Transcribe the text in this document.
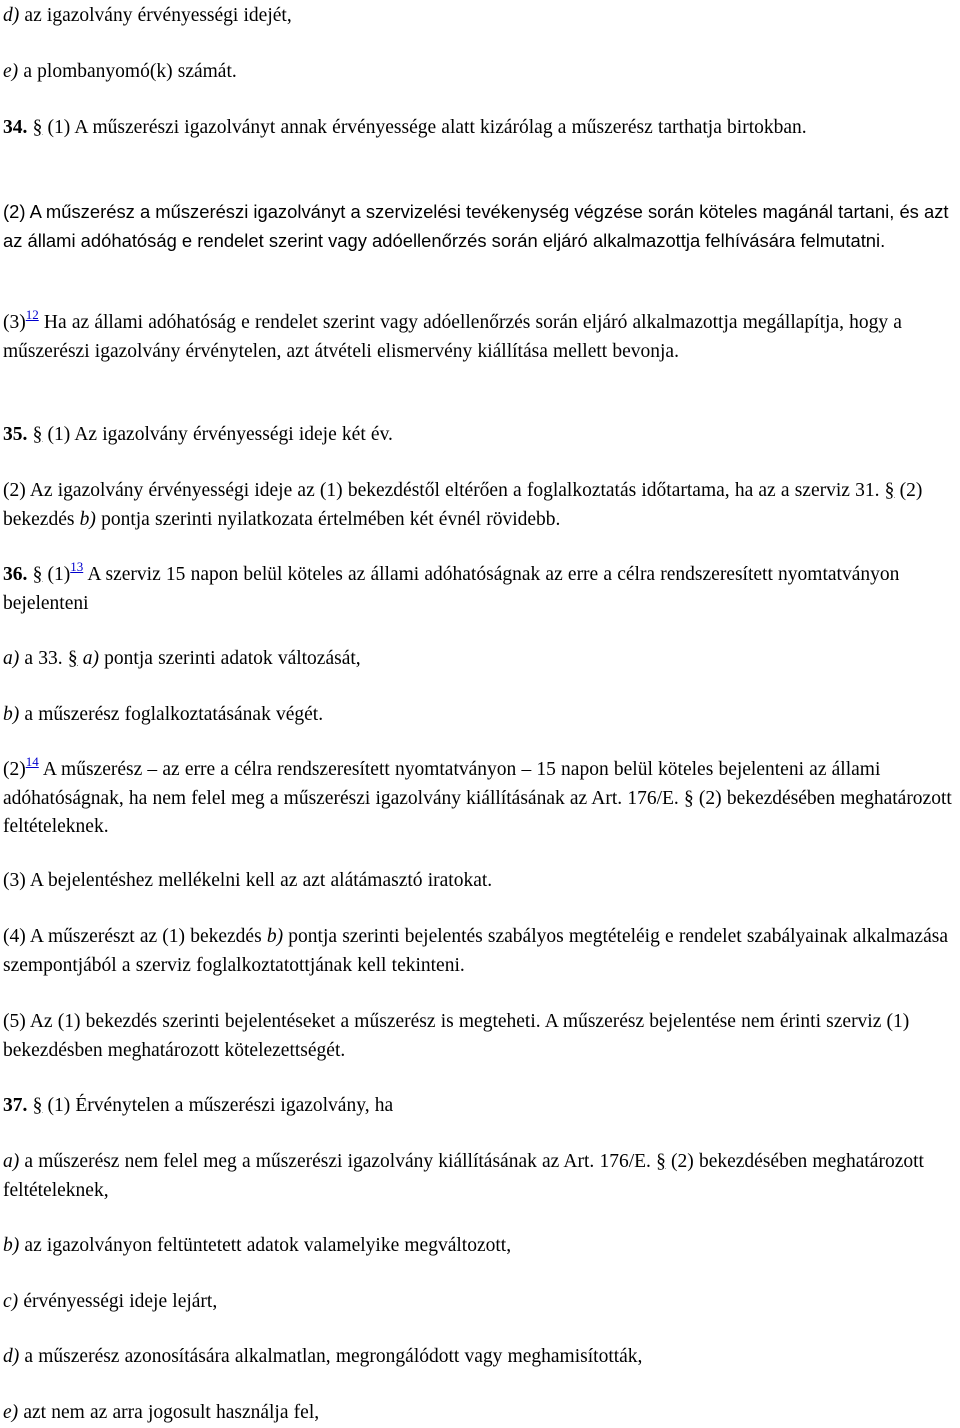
d) az igazolvány érvényességi idejét,

e) a plombanyomó(k) számát.

34. § (1) A műszerészi igazolványt annak érvényessége alatt kizárólag a műszerész tarthatja birtokban.

(2) A műszerész a műszerészi igazolványt a szervizelési tevékenység végzése során köteles magánál tartani, és azt az állami adóhatóság e rendelet szerint vagy adóellenőrzés során eljáró alkalmazottja felhívására felmutatni.

(3)$^{12}$ Ha az állami adóhatóság e rendelet szerint vagy adóellenőrzés során eljáró alkalmazottja megállapítja, hogy a műszerészi igazolvány érvénytelen, azt átvételi elismervény kiállítása mellett bevonja.

35. § (1) Az igazolvány érvényességi ideje két év.

(2) Az igazolvány érvényességi ideje az (1) bekezdéstől eltérően a foglalkoztatás időtartama, ha az a szerviz 31. § (2) bekezdés b) pontja szerinti nyilatkozata értelmében két évnél rövidebb.

36. § (1)$^{13}$ A szerviz 15 napon belül köteles az állami adóhatóságnak az erre a célra rendszeresített nyomtatványon bejelenteni

a) a 33. § a) pontja szerinti adatok változását,

b) a műszerész foglalkoztatásának végét.

(2)$^{14}$ A műszerész – az erre a célra rendszeresített nyomtatványon – 15 napon belül köteles bejelenteni az állami adóhatóságnak, ha nem felel meg a műszerészi igazolvány kiállításának az Art. 176/E. § (2) bekezdésében meghatározott feltételeknek.

(3) A bejelentéshez mellékelni kell az azt alátámasztó iratokat.

(4) A műszerészt az (1) bekezdés b) pontja szerinti bejelentés szabályos megtételéig e rendelet szabályainak alkalmazása szempontjából a szerviz foglalkoztatottjának kell tekinteni.

(5) Az (1) bekezdés szerinti bejelentéseket a műszerész is megteheti. A műszerész bejelentése nem érinti szerviz (1) bekezdésben meghatározott kötelezettségét.

37. § (1) Érvénytelen a műszerészi igazolvány, ha

a) a műszerész nem felel meg a műszerészi igazolvány kiállításának az Art. 176/E. § (2) bekezdésében meghatározott feltételeknek,

b) az igazolványon feltüntetett adatok valamelyike megváltozott,

c) érvényességi ideje lejárt,

d) a műszerész azonosítására alkalmatlan, megrongálódott vagy meghamisították,

e) azt nem az arra jogosult használja fel,
